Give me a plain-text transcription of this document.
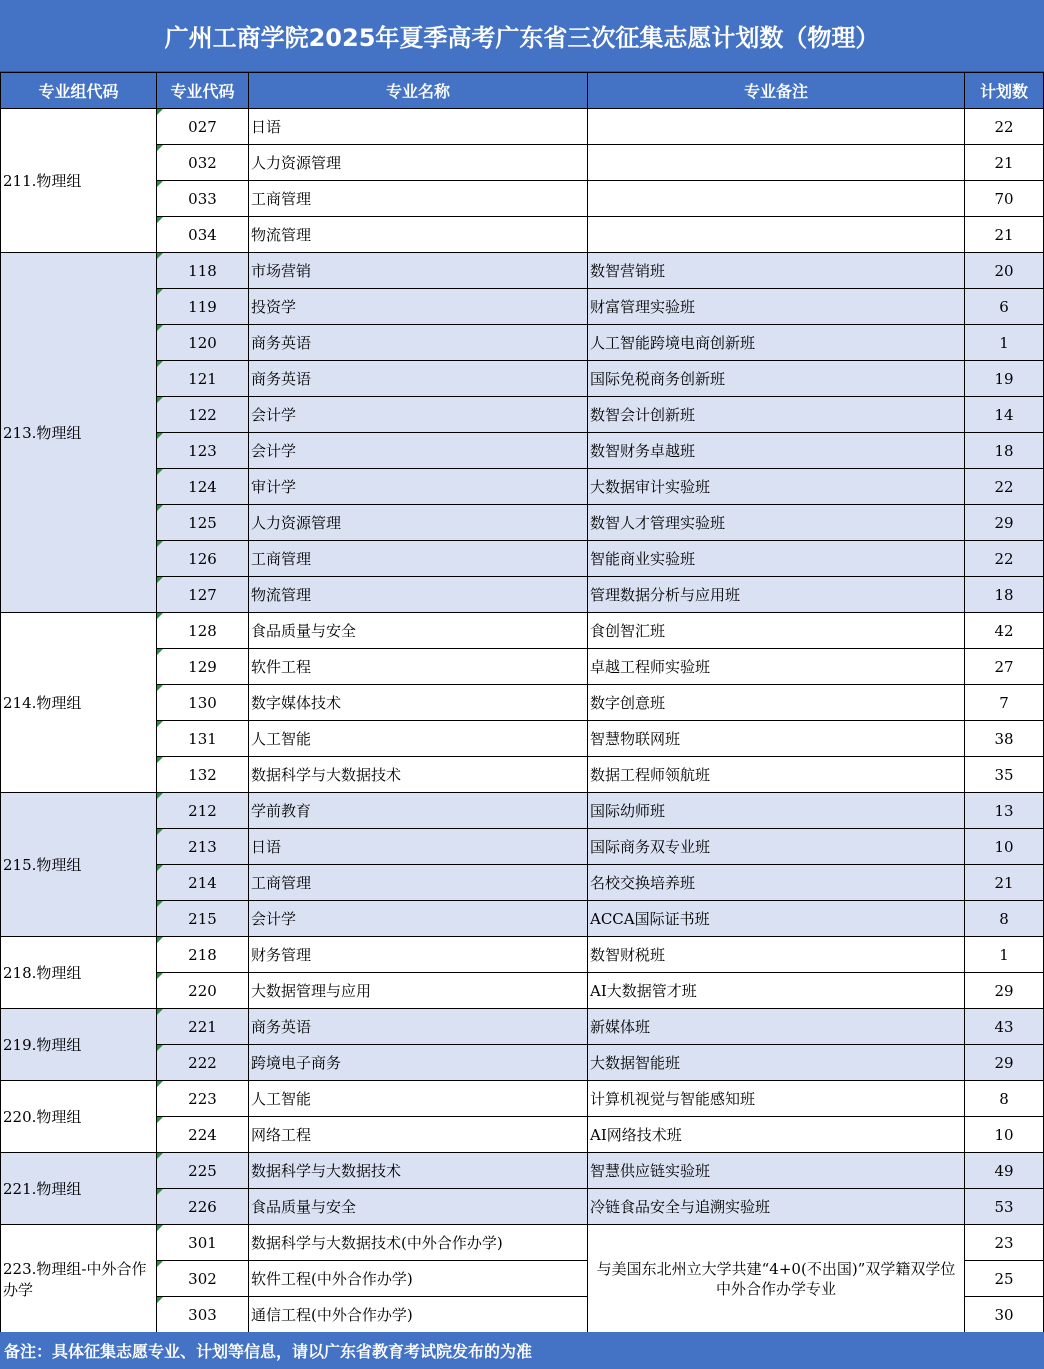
广州工商学院2025年夏季高考广东省三次征集志愿计划数（物理）
专业组代码	专业代码	专业名称	专业备注	计划数
211.物理组	027	日语		22
	032	人力资源管理		21
	033	工商管理		70
	034	物流管理		21
213.物理组	118	市场营销	数智营销班	20
	119	投资学	财富管理实验班	6
	120	商务英语	人工智能跨境电商创新班	1
	121	商务英语	国际免税商务创新班	19
	122	会计学	数智会计创新班	14
	123	会计学	数智财务卓越班	18
	124	审计学	大数据审计实验班	22
	125	人力资源管理	数智人才管理实验班	29
	126	工商管理	智能商业实验班	22
	127	物流管理	管理数据分析与应用班	18
214.物理组	128	食品质量与安全	食创智汇班	42
	129	软件工程	卓越工程师实验班	27
	130	数字媒体技术	数字创意班	7
	131	人工智能	智慧物联网班	38
	132	数据科学与大数据技术	数据工程师领航班	35
215.物理组	212	学前教育	国际幼师班	13
	213	日语	国际商务双专业班	10
	214	工商管理	名校交换培养班	21
	215	会计学	ACCA国际证书班	8
218.物理组	218	财务管理	数智财税班	1
	220	大数据管理与应用	AI大数据管才班	29
219.物理组	221	商务英语	新媒体班	43
	222	跨境电子商务	大数据智能班	29
220.物理组	223	人工智能	计算机视觉与智能感知班	8
	224	网络工程	AI网络技术班	10
221.物理组	225	数据科学与大数据技术	智慧供应链实验班	49
	226	食品质量与安全	冷链食品安全与追溯实验班	53
223.物理组-中外合作办学	301	数据科学与大数据技术(中外合作办学)	与美国东北州立大学共建“4+0(不出国)”双学籍双学位中外合作办学专业	23
	302	软件工程(中外合作办学)		25
	303	通信工程(中外合作办学)		30
备注：具体征集志愿专业、计划等信息，请以广东省教育考试院发布的为准
